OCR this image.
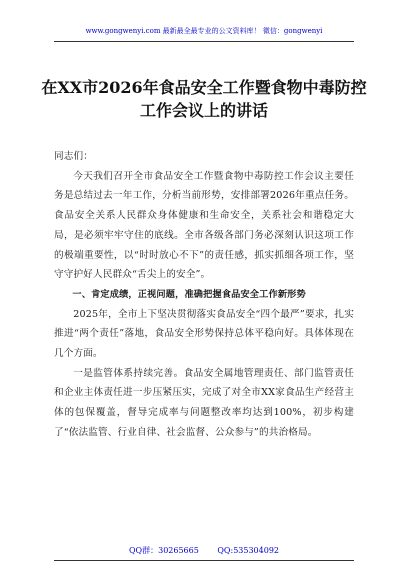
www.gongwenyi.com 最新最全最专业的公文资料库！ 微信：gongwenyi
在XX市2026年食品安全工作暨食物中毒防控工作会议上的讲话

同志们：

今天我们召开全市食品安全工作暨食物中毒防控工作会议主要任务是总结过去一年工作，分析当前形势，安排部署2026年重点任务。食品安全关系人民群众身体健康和生命安全，关系社会和谐稳定大局，是必须牢牢守住的底线。全市各级各部门务必深刻认识这项工作的极端重要性，以“时时放心不下”的责任感，抓实抓细各项工作，坚守守护好人民群众“舌尖上的安全”。

一、肯定成绩，正视问题，准确把握食品安全工作新形势

2025年，全市上下坚决贯彻落实食品安全“四个最严”要求，扎实推进“两个责任”落地，食品安全形势保持总体平稳向好。具体体现在几个方面。

一是监管体系持续完善。食品安全属地管理责任、部门监管责任和企业主体责任进一步压紧压实，完成了对全市XX家食品生产经营主体的包保覆盖，督导完成率与问题整改率均达到100%，初步构建了“依法监管、行业自律、社会监督、公众参与”的共治格局。

QQ群：30265665 QQ:535304092
